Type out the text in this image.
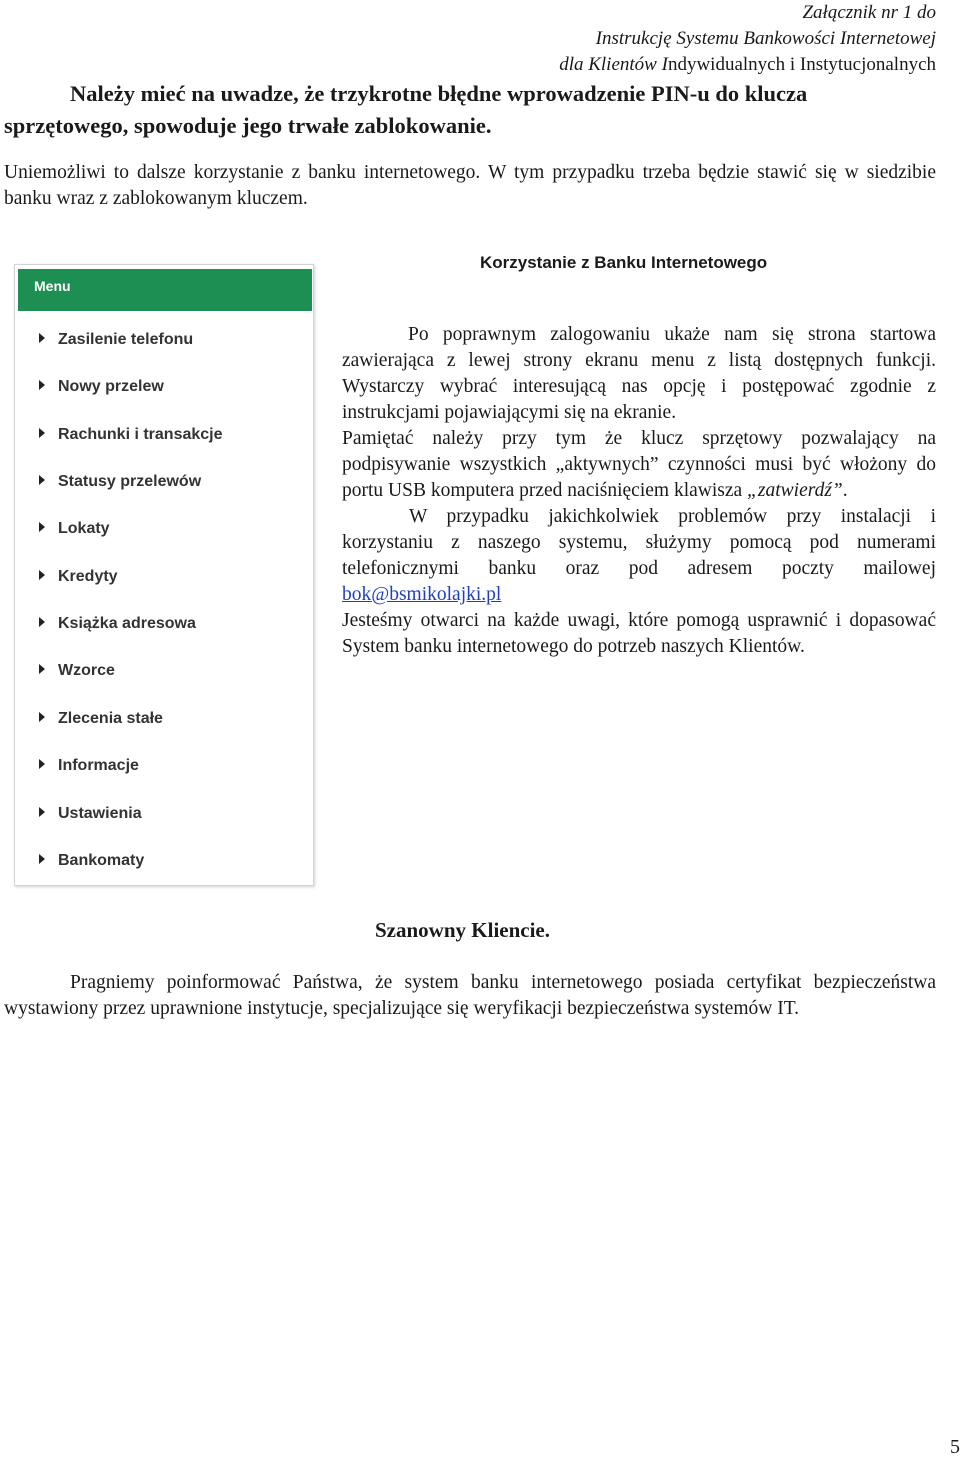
Załącznik nr 1 do
Instrukcję Systemu Bankowości Internetowej
dla Klientów Indywidualnych i Instytucjonalnych
Należy mieć na uwadze, że trzykrotne błędne wprowadzenie PIN-u do klucza
sprzętowego, spowoduje jego trwałe zablokowanie.
Uniemożliwi to dalsze korzystanie z banku internetowego. W tym przypadku trzeba będzie stawić się w siedzibie banku wraz z zablokowanym kluczem.
Korzystanie z Banku Internetowego
Menu
Zasilenie telefonu
Nowy przelew
Rachunki i transakcje
Statusy przelewów
Lokaty
Kredyty
Książka adresowa
Wzorce
Zlecenia stałe
Informacje
Ustawienia
Bankomaty

Po poprawnym zalogowaniu ukaże nam się strona startowa zawierająca z lewej strony ekranu menu z listą dostępnych funkcji. Wystarczy wybrać interesującą nas opcję i postępować zgodnie z instrukcjami pojawiającymi się na ekranie.

Pamiętać należy przy tym że klucz sprzętowy pozwalający na podpisywanie wszystkich „aktywnych” czynności musi być włożony do portu USB komputera przed naciśnięciem klawisza „zatwierdź”.

W przypadku jakichkolwiek problemów przy instalacji i korzystaniu z naszego systemu, służymy pomocą pod numerami telefonicznymi banku oraz pod adresem poczty mailowej bok@bsmikolajki.pl

Jesteśmy otwarci na każde uwagi, które pomogą usprawnić i dopasować System banku internetowego do potrzeb naszych Klientów.

Szanowny Kliencie.
Pragniemy poinformować Państwa, że system banku internetowego posiada certyfikat bezpieczeństwa wystawiony przez uprawnione instytucje, specjalizujące się weryfikacji bezpieczeństwa systemów IT.
5
